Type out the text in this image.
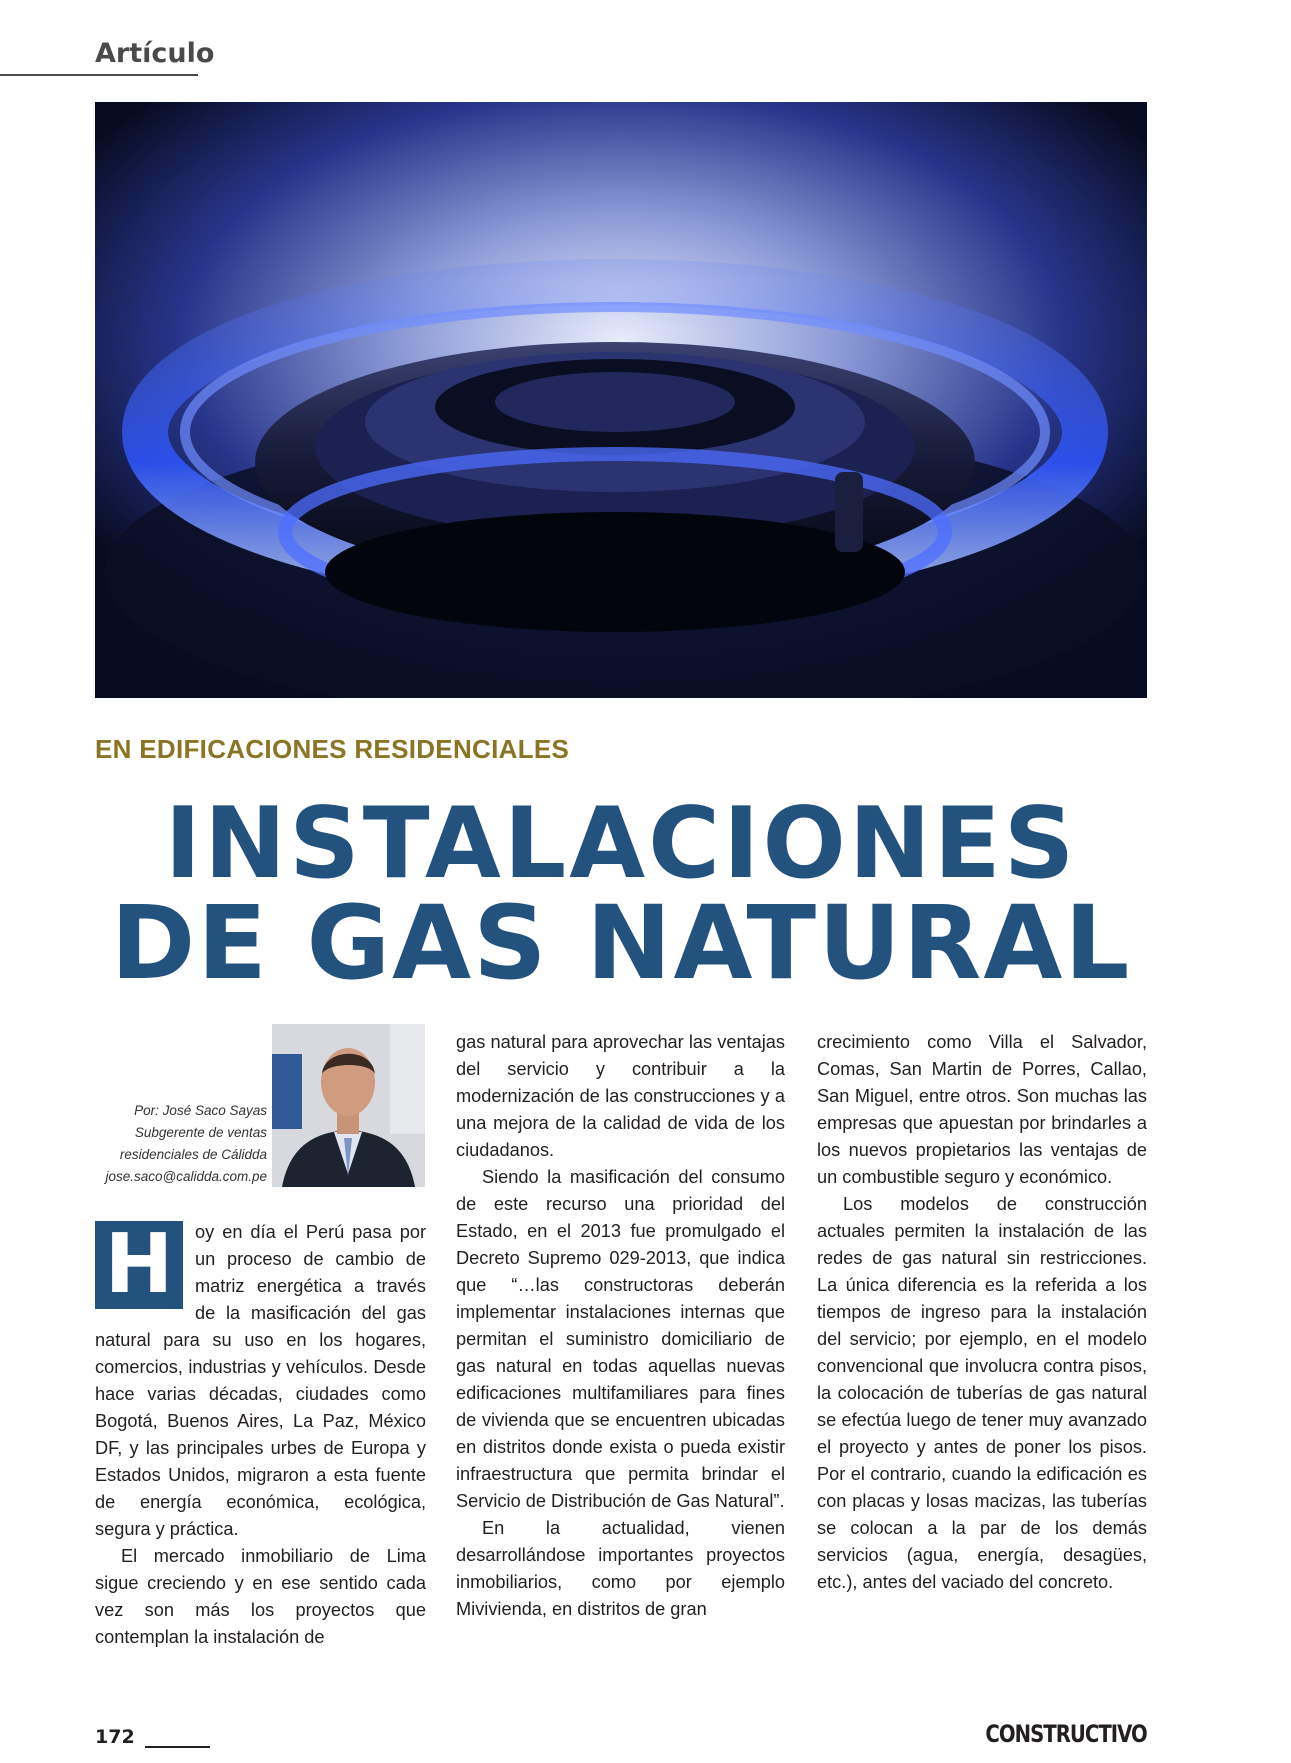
Artículo
EN EDIFICACIONES RESIDENCIALES
INSTALACIONES
DE GAS NATURAL
Por: José Saco Sayas
Subgerente de ventas
residenciales de Cálidda
jose.saco@calidda.com.pe

H	oy en día el Perú pasa por un proceso de cambio de matriz energética a través de la masificación del gas natural para su uso en los hogares, comercios, industrias y vehículos. Desde hace varias décadas, ciudades como Bogotá, Buenos Aires, La Paz, México DF, y las principales urbes de Europa y Estados Unidos, migraron a esta fuente de energía económica, ecológica, segura y práctica.

El mercado inmobiliario de Lima sigue creciendo y en ese sentido cada vez son más los proyectos que contemplan la instalación de

gas natural para aprovechar las ventajas del servicio y contribuir a la modernización de las construcciones y a una mejora de la calidad de vida de los ciudadanos.

Siendo la masificación del consumo de este recurso una prioridad del Estado, en el 2013 fue promulgado el Decreto Supremo 029-2013, que indica que “…las constructoras deberán implementar instalaciones internas que permitan el suministro domiciliario de gas natural en todas aquellas nuevas edificaciones multifamiliares para fines de vivienda que se encuentren ubicadas en distritos donde exista o pueda existir infraestructura que permita brindar el Servicio de Distribución de Gas Natural”.

En la actualidad, vienen desarrollándose importantes proyectos inmobiliarios, como por ejemplo Mivivienda, en distritos de gran

crecimiento como Villa el Salvador, Comas, San Martin de Porres, Callao, San Miguel, entre otros. Son muchas las empresas que apuestan por brindarles a los nuevos propietarios las ventajas de un combustible seguro y económico.

Los modelos de construcción actuales permiten la instalación de las redes de gas natural sin restricciones. La única diferencia es la referida a los tiempos de ingreso para la instalación del servicio; por ejemplo, en el modelo convencional que involucra contra pisos, la colocación de tuberías de gas natural se efectúa luego de tener muy avanzado el proyecto y antes de poner los pisos. Por el contrario, cuando la edificación es con placas y losas macizas, las tuberías se colocan a la par de los demás servicios (agua, energía, desagües, etc.), antes del vaciado del concreto.

172	CONSTRUCTIVO
